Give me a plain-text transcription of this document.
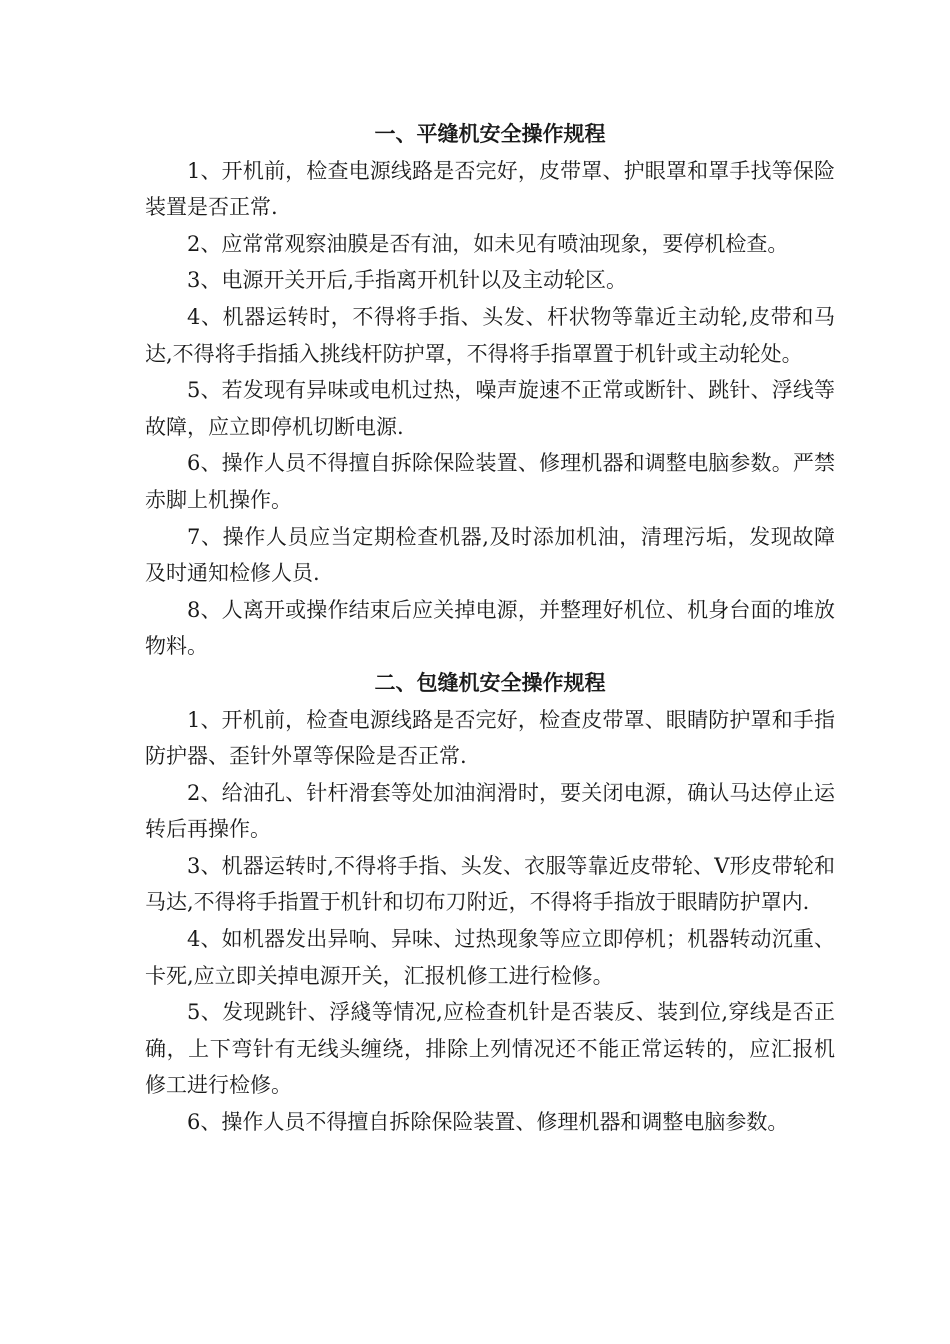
一、平缝机安全操作规程

1、开机前，检查电源线路是否完好，皮带罩、护眼罩和罩手找等保险装置是否正常.

2、应常常观察油膜是否有油，如未见有喷油现象，要停机检查。

3、电源开关开后,手指离开机针以及主动轮区。

4、机器运转时，不得将手指、头发、杆状物等靠近主动轮,皮带和马达,不得将手指插入挑线杆防护罩，不得将手指罩置于机针或主动轮处。

5、若发现有异味或电机过热，噪声旋速不正常或断针、跳针、浮线等故障，应立即停机切断电源.

6、操作人员不得擅自拆除保险装置、修理机器和调整电脑参数。严禁赤脚上机操作。

7、操作人员应当定期检查机器,及时添加机油，清理污垢，发现故障及时通知检修人员.

8、人离开或操作结束后应关掉电源，并整理好机位、机身台面的堆放物料。

二、包缝机安全操作规程

1、开机前，检查电源线路是否完好，检查皮带罩、眼睛防护罩和手指防护器、歪针外罩等保险是否正常.

2、给油孔、针杆滑套等处加油润滑时，要关闭电源，确认马达停止运转后再操作。

3、机器运转时,不得将手指、头发、衣服等靠近皮带轮、V形皮带轮和马达,不得将手指置于机针和切布刀附近，不得将手指放于眼睛防护罩内.

4、如机器发出异响、异味、过热现象等应立即停机；机器转动沉重、卡死,应立即关掉电源开关，汇报机修工进行检修。

5、发现跳针、浮綫等情况,应检查机针是否装反、装到位,穿线是否正确，上下弯针有无线头缠绕，排除上列情况还不能正常运转的，应汇报机修工进行检修。

6、操作人员不得擅自拆除保险装置、修理机器和调整电脑参数。
